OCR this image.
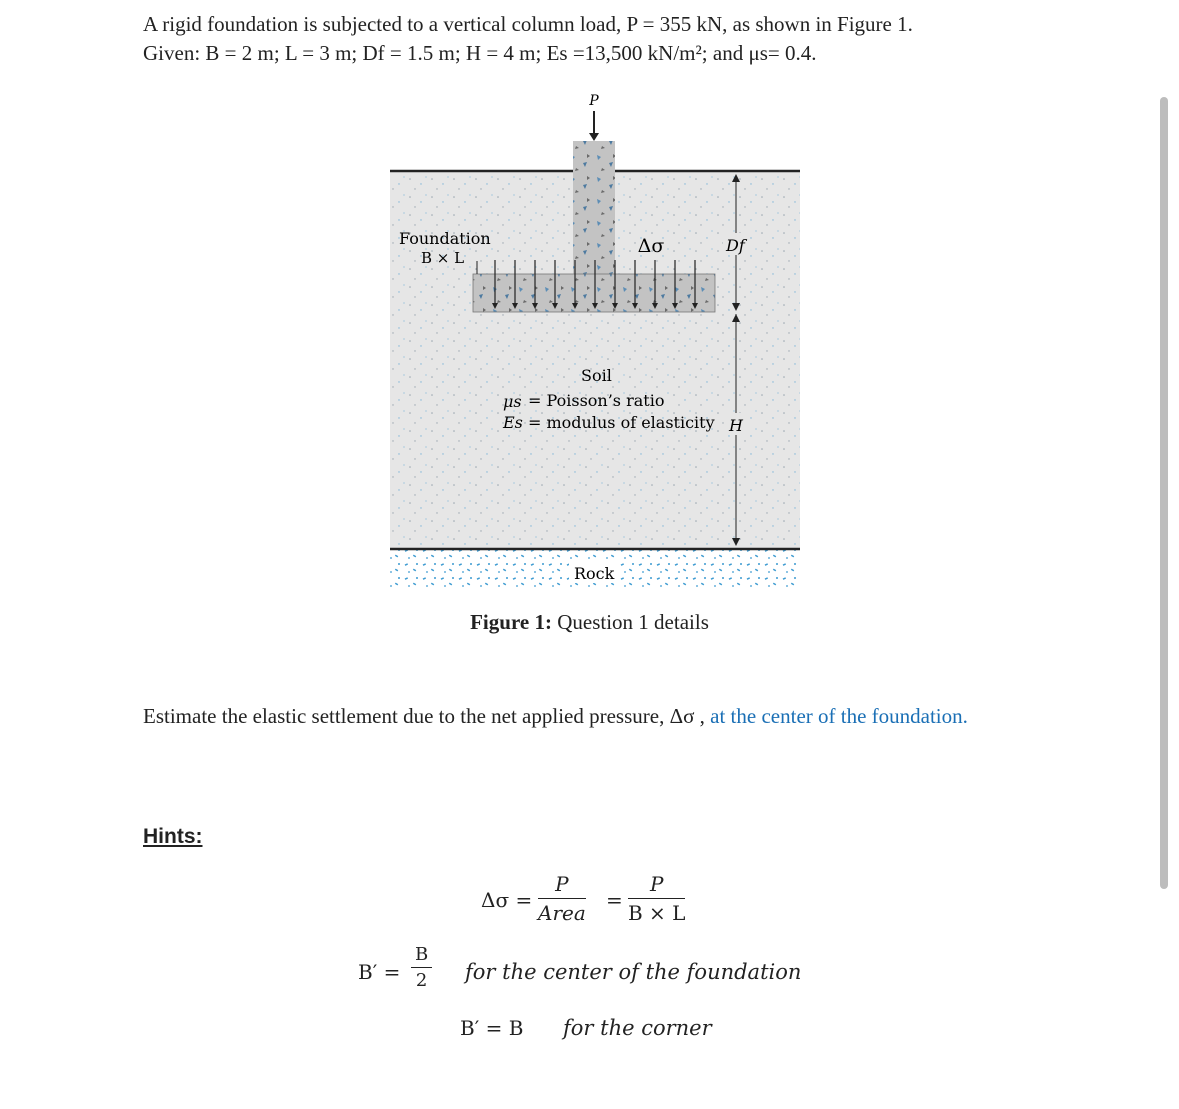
A rigid foundation is subjected to a vertical column load, P = 355 kN, as shown in Figure 1.
Given: B = 2 m; L = 3 m; Df = 1.5 m; H = 4 m; Es =13,500 kN/m²; and μs= 0.4.
P
Foundation
B × L
Δσ	Df
H
Soil
μs = Poisson’s ratio
Es = modulus of elasticity
Rock
Figure 1: Question 1 details
Estimate the elastic settlement due to the net applied pressure, Δσ , at the center of the foundation.
Hints:
Δσ =
P
Area
= $\frac{P}{B \times L}$
$B' = \frac{B}{2}$ for the center of the foundation
B′ = B for the corner
